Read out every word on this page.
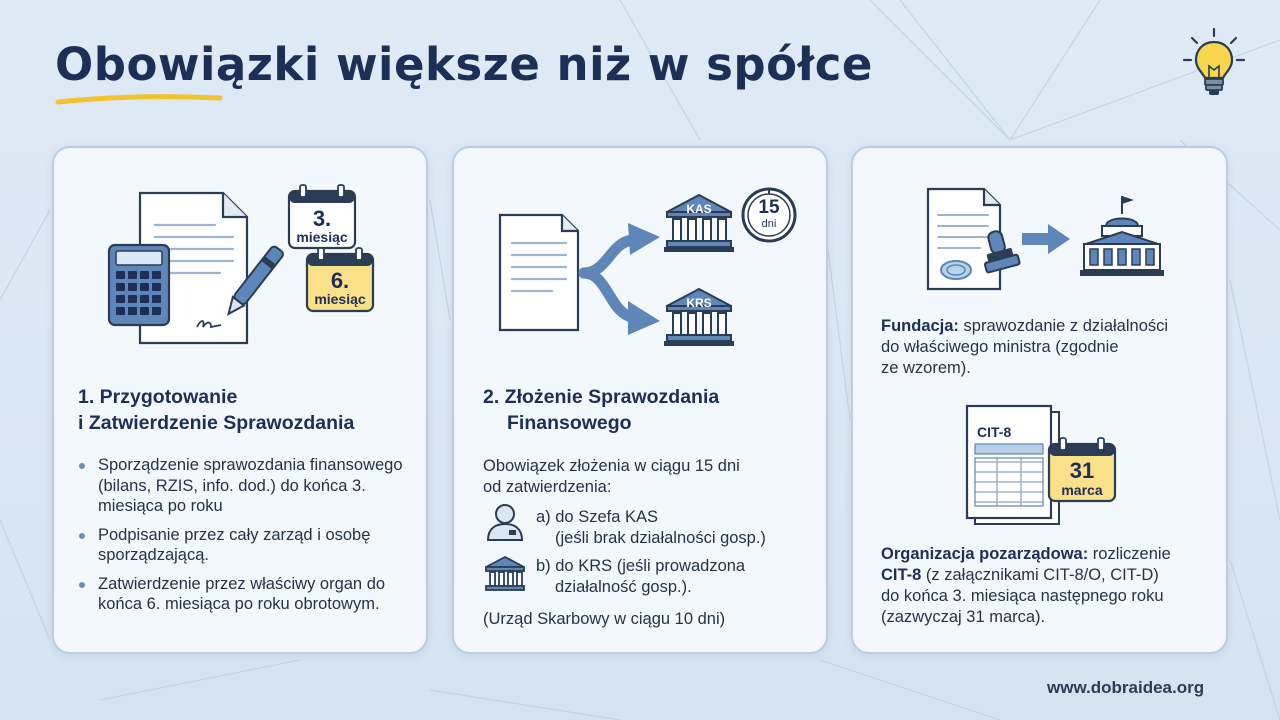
Obowiązki większe niż w spółce
3.
miesiąc
6.
miesiąc
1. Przygotowanie
i Zatwierdzenie Sprawozdania
Sporządzenie sprawozdania finansowego (bilans, RZIS, info. dod.) do końca 3. miesiąca po roku
Podpisanie przez cały zarząd i osobę sporządzającą.
Zatwierdzenie przez właściwy organ do końca 6. miesiąca po roku obrotowym.
KAS
KRS
15
dni
2. Złożenie Sprawozdania
Finansowego
Obowiązek złożenia w ciągu 15 dni
od zatwierdzenia:
a) do Szefa KAS
(jeśli brak działalności gosp.)
b) do KRS (jeśli prowadzona
działalność gosp.).
(Urząd Skarbowy w ciągu 10 dni)
Fundacja: sprawozdanie z działalności
do właściwego ministra (zgodnie
ze wzorem).
CIT-8
31
marca
Organizacja pozarządowa: rozliczenie
CIT-8 (z załącznikami CIT-8/O, CIT-D)
do końca 3. miesiąca następnego roku
(zazwyczaj 31 marca).
www.dobraidea.org
